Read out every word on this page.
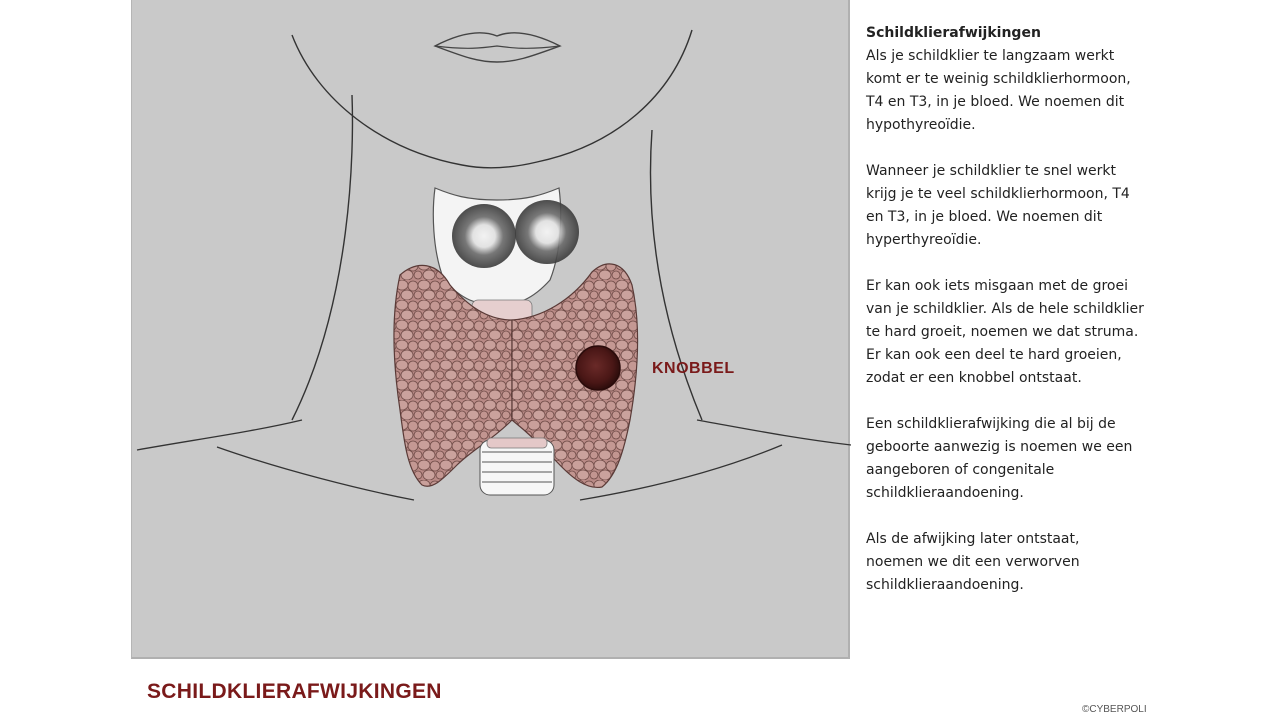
KNOBBEL
Schildklierafwijkingen

Als je schildklier te langzaam werkt
komt er te weinig schildklierhormoon,
T4 en T3, in je bloed. We noemen dit
hypothyreoïdie.

Wanneer je schildklier te snel werkt
krijg je te veel schildklierhormoon, T4
en T3, in je bloed. We noemen dit
hyperthyreoïdie.

Er kan ook iets misgaan met de groei
van je schildklier. Als de hele schildklier
te hard groeit, noemen we dat struma.
Er kan ook een deel te hard groeien,
zodat er een knobbel ontstaat.

Een schildklierafwijking die al bij de
geboorte aanwezig is noemen we een
aangeboren of congenitale
schildklieraandoening.

Als de afwijking later ontstaat,
noemen we dit een verworven
schildklieraandoening.

SCHILDKLIERAFWIJKINGEN
©CYBERPOLI
